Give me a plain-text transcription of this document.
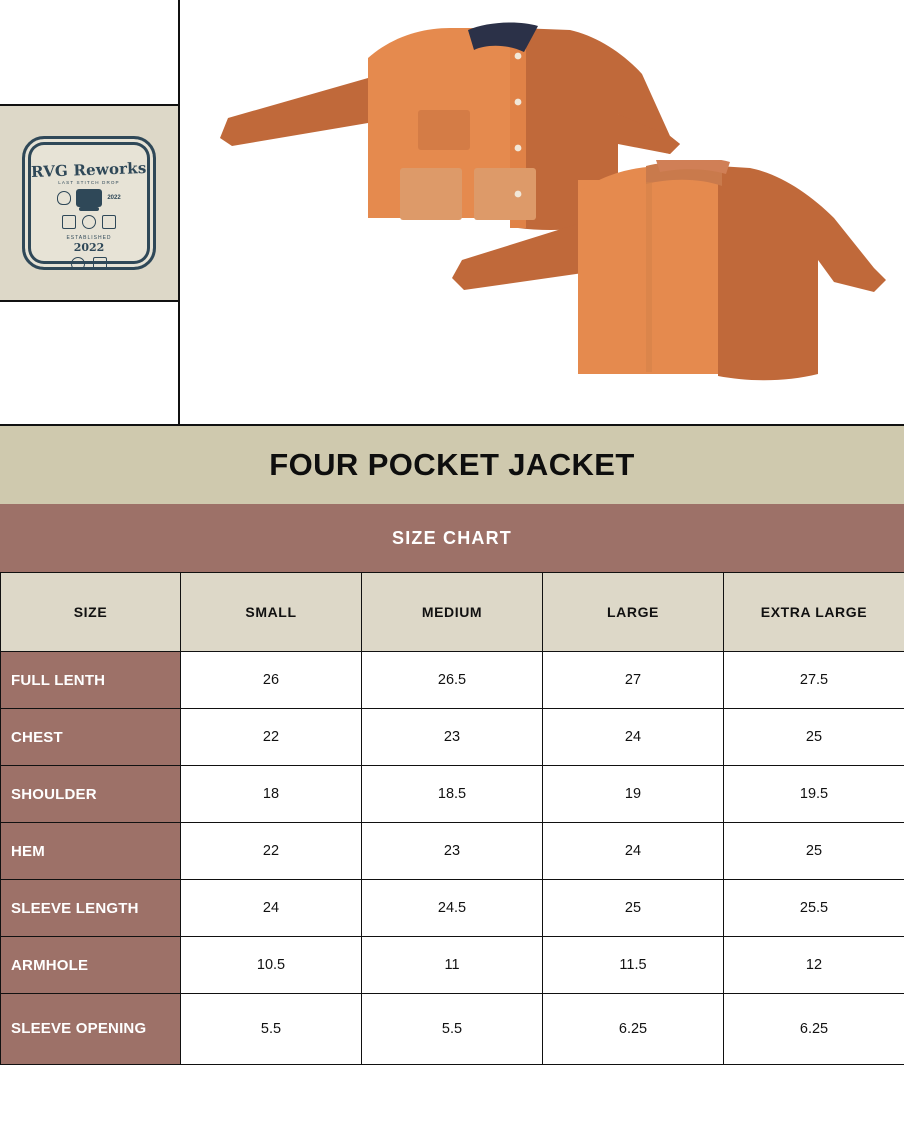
RVG Reworks
LAST STITCH DROP
2022
ESTABLISHED
2022
FOUR POCKET JACKET
SIZE CHART
SIZE	SMALL	MEDIUM	LARGE	EXTRA LARGE
FULL LENTH	26	26.5	27	27.5
CHEST	22	23	24	25
SHOULDER	18	18.5	19	19.5
HEM	22	23	24	25
SLEEVE LENGTH	24	24.5	25	25.5
ARMHOLE	10.5	11	11.5	12
SLEEVE OPENING	5.5	5.5	6.25	6.25
